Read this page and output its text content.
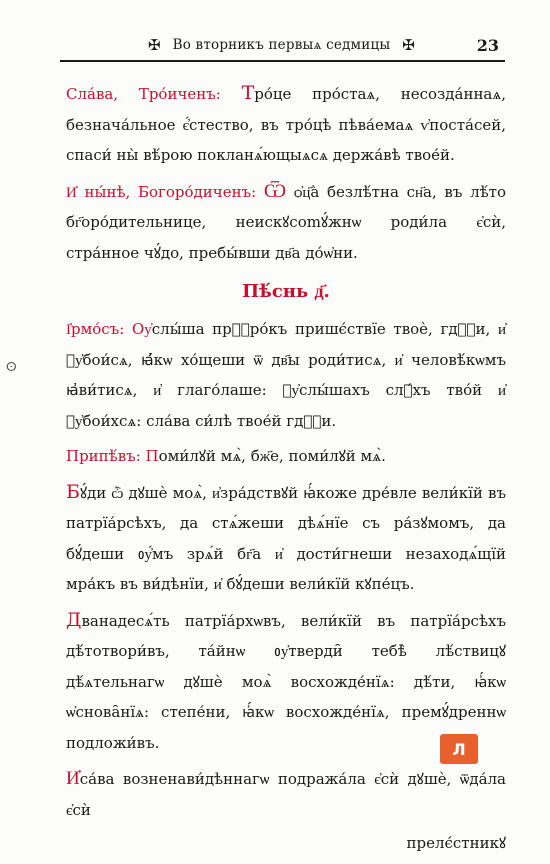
✠ Во вторникъ первыѧ седмицы ✠	23
ⵙ

Сла́ва, Тро́иченъ: Тро́це про́стаѧ, несозда́ннаѧ, безнача́льное є҆́стество, въ тро́цѣ пѣва́емаѧ ѵ҆поста́сей, спаси́ ны̀ вѣ́рою покланѧ́ющыѧсѧ держа́вѣ твое́й.

И҆ ны́нѣ, Богоро́диченъ: Ѿ ѻ҆ц҃а̀ безлѣ́тна сн҃а, въ лѣ́то бг҃оро́дительнице, неискꙋсоmꙋ́жнѡ роди́ла є҆сѝ, стра́нное чꙋ́до, пребы́вши дв҃а до́ѡ҆ни.

Пѣ́снь д҃.

І҆рмо́съ: Оу҆слы́ша прⷪ҇ро́къ пришє́ствїе твоѐ, гдⷭ҇и, и҆ ᲂу҆бои́сѧ, ꙗ҆́кѡ хо́щеши ѿ дв҃ы роди́тисѧ, и҆ человѣ́кѡмъ ꙗ҆ви́тисѧ, и҆ глаго́лаше: ᲂу҆слы́шахъ слꙋ́хъ тво́й и҆ ᲂу҆бои́хсѧ: сла́ва си́лѣ твое́й гдⷭ҇и.

Припѣ́въ: Поми́лꙋй мѧ̀, бж҃е, поми́лꙋй мѧ̀.

Бꙋ́ди ѽ дꙋшѐ моѧ̀, и҆зра́дствꙋй ꙗ҆́коже дре́вле вели́кїй въ патрїа́рсѣхъ, да стѧ́жеши дѣѧ́нїе съ ра́зꙋмомъ, да бꙋ́деши ᲂу҆́мъ зрѧ́й бг҃а и҆ дости́гнеши незаходѧ́щїй мра́къ въ ви́дѣнїи, и҆ бꙋ́деши вели́кїй кꙋпе́цъ.

Дванадесѧ́ть патрїа́рхѡвъ, вели́кїй въ патрїа́рсѣхъ дѣ́тотвори́въ, та́йнѡ ᲂу҆тверди̑ тебѣ̀ лѣ́ствицꙋ дѣ́ѧтельнагѡ дꙋшѐ моѧ̀ восхожде́нїѧ: дѣ́ти, ꙗ҆́кѡ ѡ҆снова̑нїѧ: степе́ни, ꙗ҆́кѡ восхожде́нїѧ, премꙋ́дреннѡ подложи́въ.

И҆са́ва возненави́дѣннагѡ подража́ла є҆сѝ дꙋшѐ, ѿда́ла є҆сѝ

прелє́стникꙋ

Л
